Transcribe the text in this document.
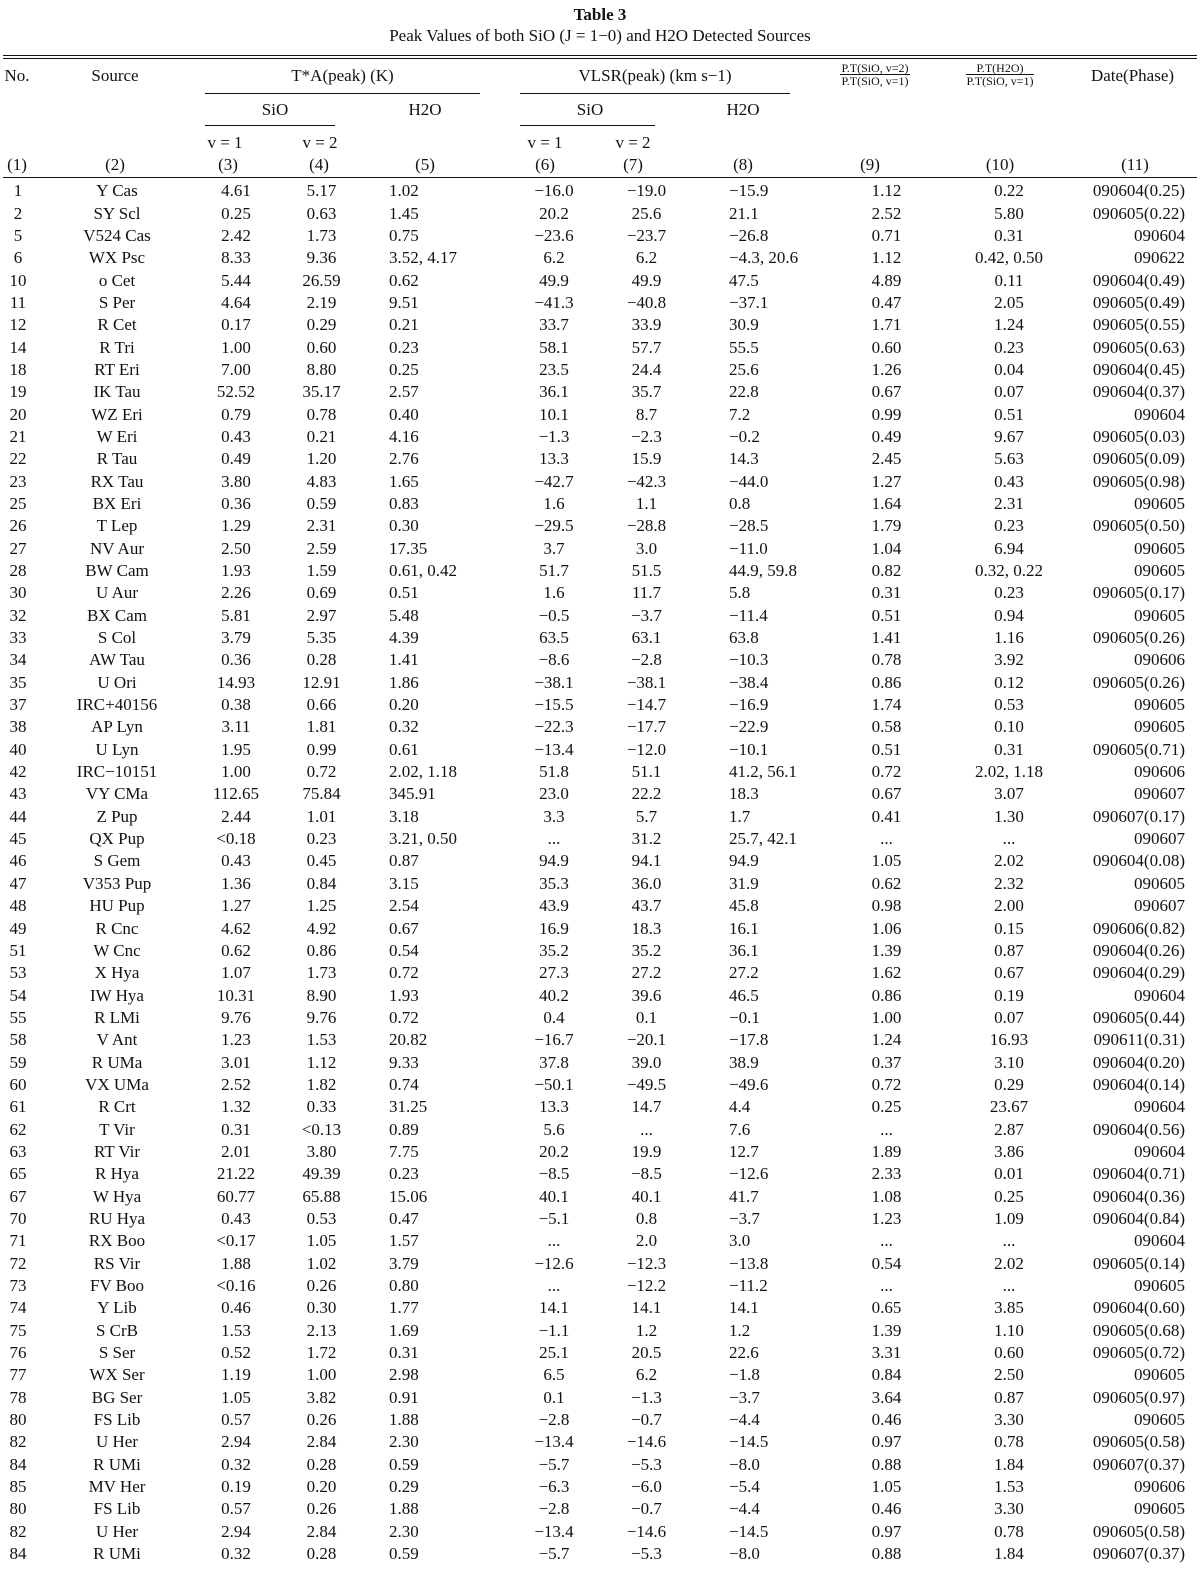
Table 3
Peak Values of both SiO (J = 1−0) and H2O Detected Sources
No.	Source	T*A(peak) (K)	VLSR(peak) (km s−1)	$\frac{\text{P.T(SiO, v=2)}}{\text{P.T(SiO, v=1)}}$	$\frac{P.T(H2O)}{\text{P.T(SiO, v=1)}}$	Date(Phase)
SiO	H2O	SiO	H2O
v = 1	v = 2	v = 1	v = 2
(1)	(2)	(3)	(4)	(5)	(6)	(7)	(8)	(9)	(10)	(11)
1	Y Cas	4.61	5.17	1.02	−16.0	−19.0	−15.9	1.12	0.22	090604(0.25)
2	SY Scl	0.25	0.63	1.45	20.2	25.6	21.1	2.52	5.80	090605(0.22)
5	V524 Cas	2.42	1.73	0.75	−23.6	−23.7	−26.8	0.71	0.31	090604
6	WX Psc	8.33	9.36	3.52, 4.17	6.2	6.2	−4.3, 20.6	1.12	0.42, 0.50	090622
10	o Cet	5.44	26.59	0.62	49.9	49.9	47.5	4.89	0.11	090604(0.49)
11	S Per	4.64	2.19	9.51	−41.3	−40.8	−37.1	0.47	2.05	090605(0.49)
12	R Cet	0.17	0.29	0.21	33.7	33.9	30.9	1.71	1.24	090605(0.55)
14	R Tri	1.00	0.60	0.23	58.1	57.7	55.5	0.60	0.23	090605(0.63)
18	RT Eri	7.00	8.80	0.25	23.5	24.4	25.6	1.26	0.04	090604(0.45)
19	IK Tau	52.52	35.17	2.57	36.1	35.7	22.8	0.67	0.07	090604(0.37)
20	WZ Eri	0.79	0.78	0.40	10.1	8.7	7.2	0.99	0.51	090604
21	W Eri	0.43	0.21	4.16	−1.3	−2.3	−0.2	0.49	9.67	090605(0.03)
22	R Tau	0.49	1.20	2.76	13.3	15.9	14.3	2.45	5.63	090605(0.09)
23	RX Tau	3.80	4.83	1.65	−42.7	−42.3	−44.0	1.27	0.43	090605(0.98)
25	BX Eri	0.36	0.59	0.83	1.6	1.1	0.8	1.64	2.31	090605
26	T Lep	1.29	2.31	0.30	−29.5	−28.8	−28.5	1.79	0.23	090605(0.50)
27	NV Aur	2.50	2.59	17.35	3.7	3.0	−11.0	1.04	6.94	090605
28	BW Cam	1.93	1.59	0.61, 0.42	51.7	51.5	44.9, 59.8	0.82	0.32, 0.22	090605
30	U Aur	2.26	0.69	0.51	1.6	11.7	5.8	0.31	0.23	090605(0.17)
32	BX Cam	5.81	2.97	5.48	−0.5	−3.7	−11.4	0.51	0.94	090605
33	S Col	3.79	5.35	4.39	63.5	63.1	63.8	1.41	1.16	090605(0.26)
34	AW Tau	0.36	0.28	1.41	−8.6	−2.8	−10.3	0.78	3.92	090606
35	U Ori	14.93	12.91	1.86	−38.1	−38.1	−38.4	0.86	0.12	090605(0.26)
37	IRC+40156	0.38	0.66	0.20	−15.5	−14.7	−16.9	1.74	0.53	090605
38	AP Lyn	3.11	1.81	0.32	−22.3	−17.7	−22.9	0.58	0.10	090605
40	U Lyn	1.95	0.99	0.61	−13.4	−12.0	−10.1	0.51	0.31	090605(0.71)
42	IRC−10151	1.00	0.72	2.02, 1.18	51.8	51.1	41.2, 56.1	0.72	2.02, 1.18	090606
43	VY CMa	112.65	75.84	345.91	23.0	22.2	18.3	0.67	3.07	090607
44	Z Pup	2.44	1.01	3.18	3.3	5.7	1.7	0.41	1.30	090607(0.17)
45	QX Pup	<0.18	0.23	3.21, 0.50	...	31.2	25.7, 42.1	...	...	090607
46	S Gem	0.43	0.45	0.87	94.9	94.1	94.9	1.05	2.02	090604(0.08)
47	V353 Pup	1.36	0.84	3.15	35.3	36.0	31.9	0.62	2.32	090605
48	HU Pup	1.27	1.25	2.54	43.9	43.7	45.8	0.98	2.00	090607
49	R Cnc	4.62	4.92	0.67	16.9	18.3	16.1	1.06	0.15	090606(0.82)
51	W Cnc	0.62	0.86	0.54	35.2	35.2	36.1	1.39	0.87	090604(0.26)
53	X Hya	1.07	1.73	0.72	27.3	27.2	27.2	1.62	0.67	090604(0.29)
54	IW Hya	10.31	8.90	1.93	40.2	39.6	46.5	0.86	0.19	090604
55	R LMi	9.76	9.76	0.72	0.4	0.1	−0.1	1.00	0.07	090605(0.44)
58	V Ant	1.23	1.53	20.82	−16.7	−20.1	−17.8	1.24	16.93	090611(0.31)
59	R UMa	3.01	1.12	9.33	37.8	39.0	38.9	0.37	3.10	090604(0.20)
60	VX UMa	2.52	1.82	0.74	−50.1	−49.5	−49.6	0.72	0.29	090604(0.14)
61	R Crt	1.32	0.33	31.25	13.3	14.7	4.4	0.25	23.67	090604
62	T Vir	0.31	<0.13	0.89	5.6	...	7.6	...	2.87	090604(0.56)
63	RT Vir	2.01	3.80	7.75	20.2	19.9	12.7	1.89	3.86	090604
65	R Hya	21.22	49.39	0.23	−8.5	−8.5	−12.6	2.33	0.01	090604(0.71)
67	W Hya	60.77	65.88	15.06	40.1	40.1	41.7	1.08	0.25	090604(0.36)
70	RU Hya	0.43	0.53	0.47	−5.1	0.8	−3.7	1.23	1.09	090604(0.84)
71	RX Boo	<0.17	1.05	1.57	...	2.0	3.0	...	...	090604
72	RS Vir	1.88	1.02	3.79	−12.6	−12.3	−13.8	0.54	2.02	090605(0.14)
73	FV Boo	<0.16	0.26	0.80	...	−12.2	−11.2	...	...	090605
74	Y Lib	0.46	0.30	1.77	14.1	14.1	14.1	0.65	3.85	090604(0.60)
75	S CrB	1.53	2.13	1.69	−1.1	1.2	1.2	1.39	1.10	090605(0.68)
76	S Ser	0.52	1.72	0.31	25.1	20.5	22.6	3.31	0.60	090605(0.72)
77	WX Ser	1.19	1.00	2.98	6.5	6.2	−1.8	0.84	2.50	090605
78	BG Ser	1.05	3.82	0.91	0.1	−1.3	−3.7	3.64	0.87	090605(0.97)
80	FS Lib	0.57	0.26	1.88	−2.8	−0.7	−4.4	0.46	3.30	090605
82	U Her	2.94	2.84	2.30	−13.4	−14.6	−14.5	0.97	0.78	090605(0.58)
84	R UMi	0.32	0.28	0.59	−5.7	−5.3	−8.0	0.88	1.84	090607(0.37)
85	MV Her	0.19	0.20	0.29	−6.3	−6.0	−5.4	1.05	1.53	090606
80	FS Lib	0.57	0.26	1.88	−2.8	−0.7	−4.4	0.46	3.30	090605
82	U Her	2.94	2.84	2.30	−13.4	−14.6	−14.5	0.97	0.78	090605(0.58)
84	R UMi	0.32	0.28	0.59	−5.7	−5.3	−8.0	0.88	1.84	090607(0.37)
